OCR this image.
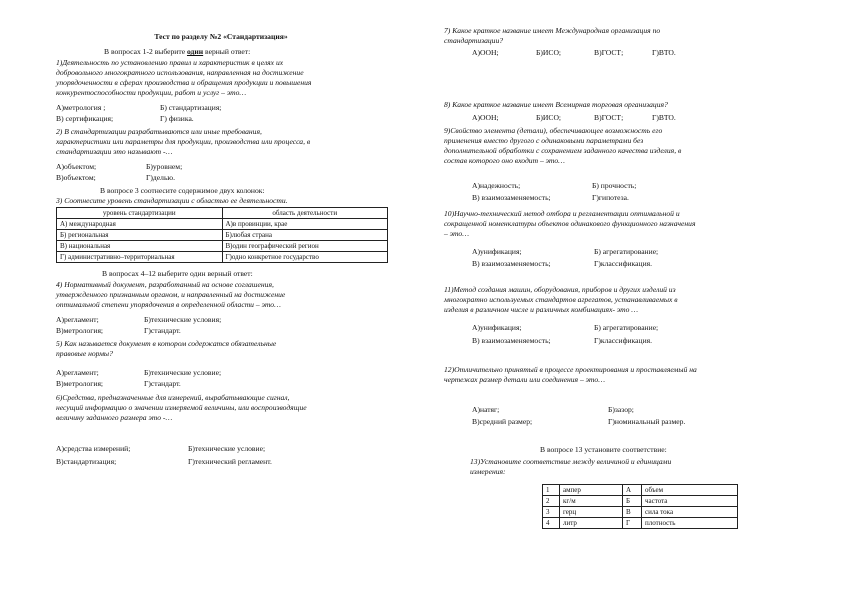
Тест по разделу №2 «Стандартизация»
В вопросах 1-2 выберите один верный ответ:
1)Деятельность по установлению правил и характеристик в целях их
добровольного многократного использования, направленная на достижение
упорядоченности в сферах производства и обращения продукции и повышения
конкурентоспособности продукции, работ и услуг – это…
А)метрология ;	Б) стандартизация;
В) сертификация;	Г) физика.
2) В стандартизации разрабатываются или иные требования,
характеристики или параметры для продукции, производства или процесса, в
стандартизации это называют -…
А)объектом;	Б)уровнем;
В)объектом;	Г)делью.
В вопросе 3 соотнесите содержимое двух колонок:
3) Соотнесите уровень стандартизации с областью ее деятельности.
уровень стандартизации	область деятельности
А) международная	А)в провинции, крае
Б) региональная	Б)любая страна
В) национальная	В)один географический регион
Г) административно–территориальная	Г)одно конкретное государство
В вопросах 4–12 выберите один верный ответ:
4) Нормативный документ, разработанный на основе соглашения,
утвержденного признанным органом, и направленный на достижение
оптимальной степени упорядочения в определенной области – это…
А)регламент;	Б)технические условия;
В)метрология;	Г)стандарт.
5) Как называется документ в котором содержатся обязательные
правовые нормы?
А)регламент;	Б)технические условие;
В)метрология;	Г)стандарт.
6)Средства, предназначенные для измерений, вырабатывающие сигнал,
несущий информацию о значении измеряемой величины, или воспроизводящие
величину заданного размера это -…
А)средства измерений;	Б)технические условие;
В)стандартизация;	Г)технический регламент.
7) Какое краткое название имеет Международная организация по
стандартизации?
А)ООН;	Б)ИСО;	В)ГОСТ;	Г)ВТО.
8) Какое краткое название имеет Всемирная торговая организация?
А)ООН;	Б)ИСО;	В)ГОСТ;	Г)ВТО.
9)Свойство элемента (детали), обеспечивающее возможность его
применения вместо другого с одинаковыми параметрами без
дополнительной обработки с сохранением заданного качества изделия, в
состав которого оно входит – это…
А)надежность;	Б) прочность;
В) взаимозаменяемость;	Г)гипотеза.
10)Научно-технический метод отбора и регламентации оптимальной и
сокращенной номенклатуры объектов одинакового функционного назначения
– это…
А)унификация;	Б) агрегатирование;
В) взаимозаменяемость;	Г)классификация.
11)Метод создания машин, оборудования, приборов и других изделий из
многократно используемых стандартов агрегатов, устанавливаемых в
изделия в различном числе и различных комбинациях- это …
А)унификация;	Б) агрегатирование;
В) взаимозаменяемость;	Г)классификация.
12)Отличительно принятый в процессе проектирования и проставляемый на
чертежах размер детали или соединения – это…
А)натяг;	Б)зазор;
В)средний размер;	Г)номинальный размер.
В вопросе 13 установите соответствие:
13)Установите соответствие между величиной и единицами
измерения:
1	ампер	А	объем
2	кг/м	Б	частота
3	герц	В	сила тока
4	литр	Г	плотность
